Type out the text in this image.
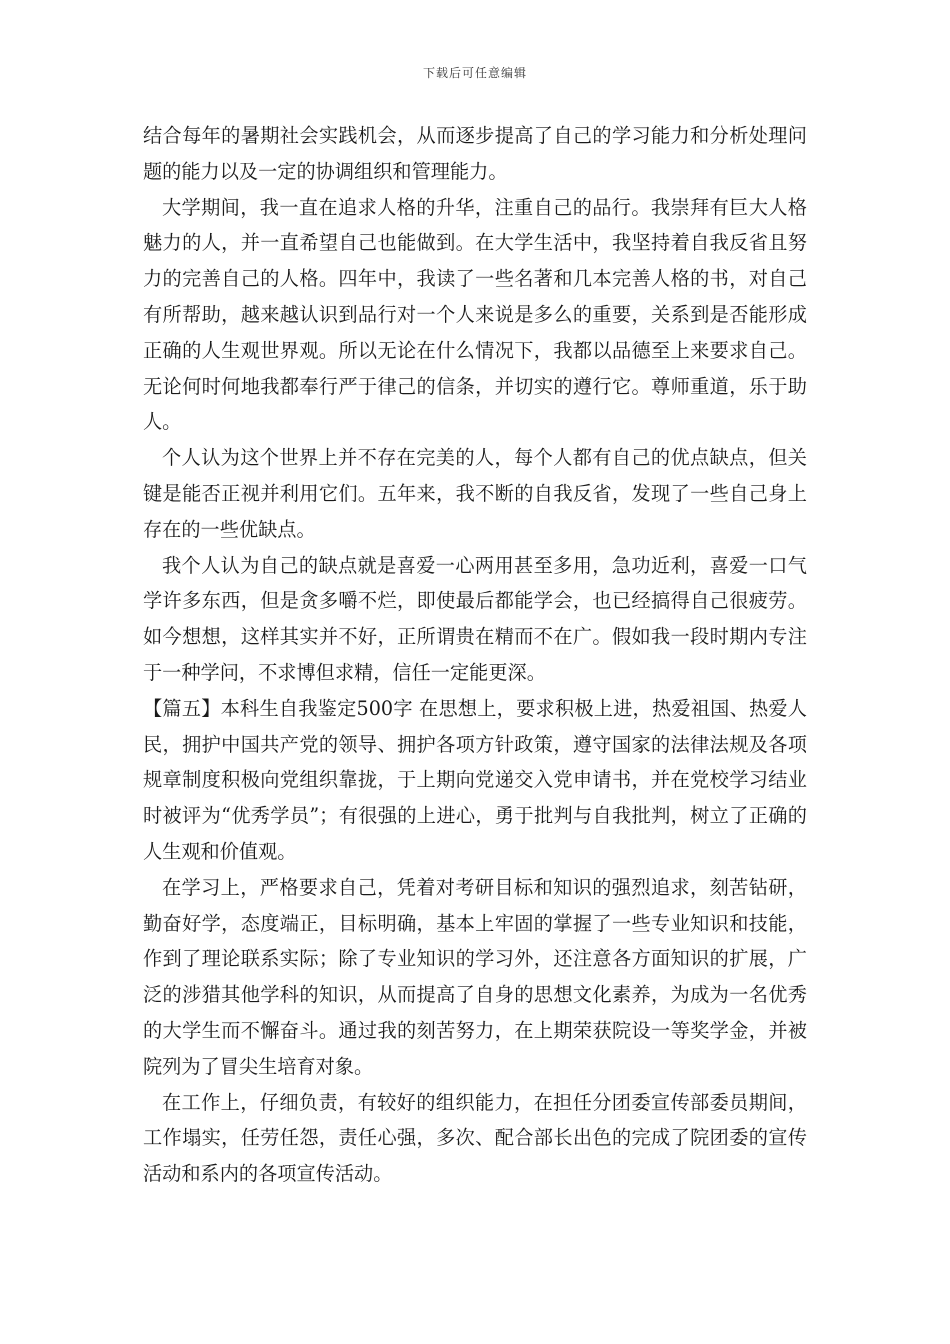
下载后可任意编辑

结合每年的暑期社会实践机会，从而逐步提高了自己的学习能力和分析处理问题的能力以及一定的协调组织和管理能力。

大学期间，我一直在追求人格的升华，注重自己的品行。我崇拜有巨大人格魅力的人，并一直希望自己也能做到。在大学生活中，我坚持着自我反省且努力的完善自己的人格。四年中，我读了一些名著和几本完善人格的书，对自己有所帮助，越来越认识到品行对一个人来说是多么的重要，关系到是否能形成正确的人生观世界观。所以无论在什么情况下，我都以品德至上来要求自己。无论何时何地我都奉行严于律己的信条，并切实的遵行它。尊师重道，乐于助人。

个人认为这个世界上并不存在完美的人，每个人都有自己的优点缺点，但关键是能否正视并利用它们。五年来，我不断的自我反省，发现了一些自己身上存在的一些优缺点。

我个人认为自己的缺点就是喜爱一心两用甚至多用，急功近利，喜爱一口气学许多东西，但是贪多嚼不烂，即使最后都能学会，也已经搞得自己很疲劳。如今想想，这样其实并不好，正所谓贵在精而不在广。假如我一段时期内专注于一种学问，不求博但求精，信任一定能更深。

【篇五】本科生自我鉴定500字 在思想上，要求积极上进，热爱祖国、热爱人民，拥护中国共产党的领导、拥护各项方针政策，遵守国家的法律法规及各项规章制度积极向党组织靠拢，于上期向党递交入党申请书，并在党校学习结业时被评为“优秀学员”；有很强的上进心，勇于批判与自我批判，树立了正确的人生观和价值观。

在学习上，严格要求自己，凭着对考研目标和知识的强烈追求，刻苦钻研，勤奋好学，态度端正，目标明确，基本上牢固的掌握了一些专业知识和技能，作到了理论联系实际；除了专业知识的学习外，还注意各方面知识的扩展，广泛的涉猎其他学科的知识，从而提高了自身的思想文化素养，为成为一名优秀的大学生而不懈奋斗。通过我的刻苦努力，在上期荣获院设一等奖学金，并被院列为了冒尖生培育对象。

在工作上，仔细负责，有较好的组织能力，在担任分团委宣传部委员期间，工作塌实，任劳任怨，责任心强，多次、配合部长出色的完成了院团委的宣传活动和系内的各项宣传活动。
